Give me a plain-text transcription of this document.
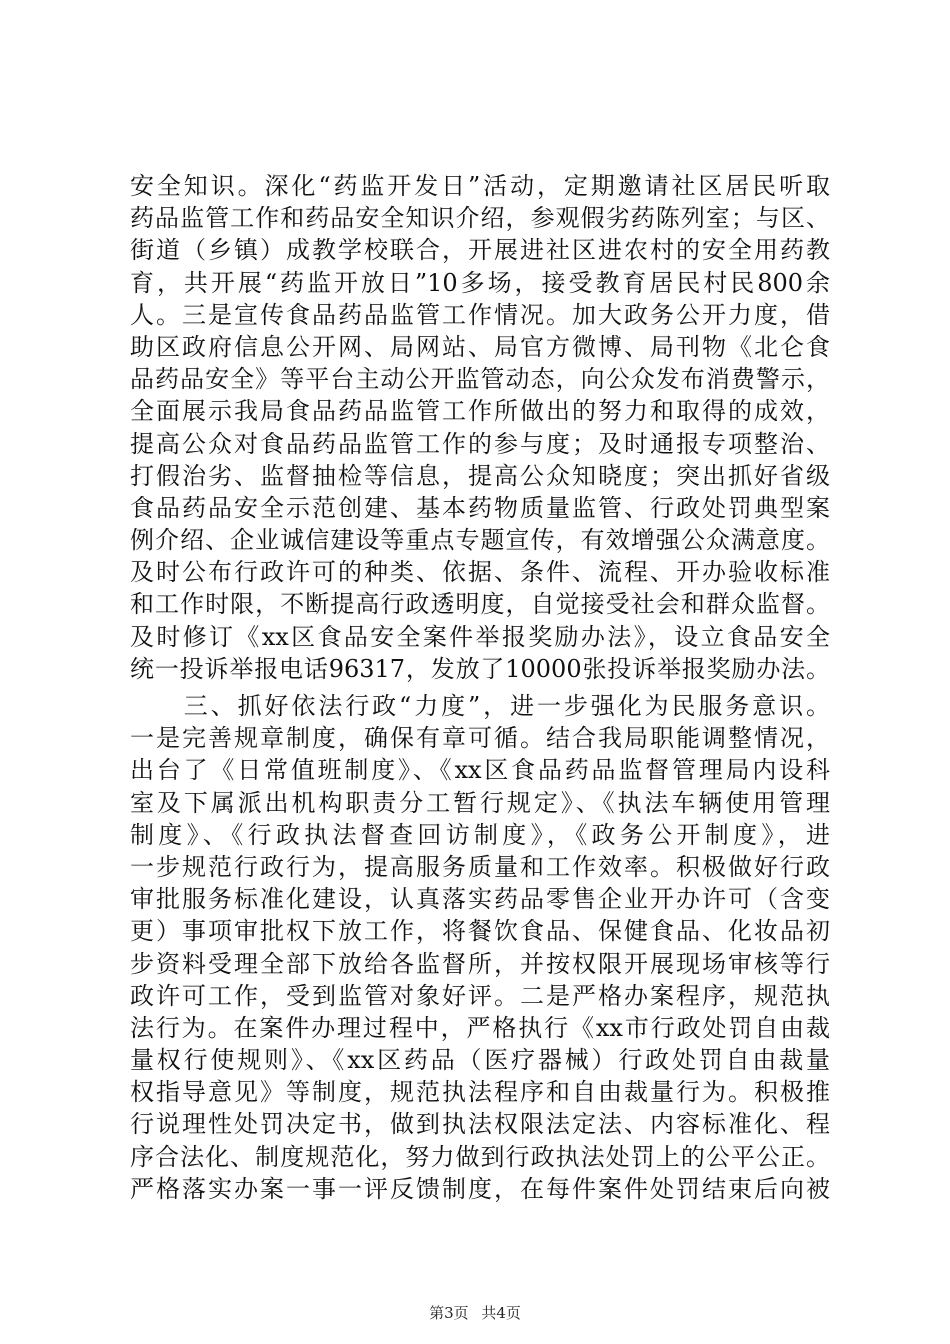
安全知识。深化“药监开发日”活动，定期邀请社区居民听取
药品监管工作和药品安全知识介绍，参观假劣药陈列室；与区、
街道（乡镇）成教学校联合，开展进社区进农村的安全用药教
育，共开展“药监开放日”10多场，接受教育居民村民800余
人。三是宣传食品药品监管工作情况。加大政务公开力度，借
助区政府信息公开网、局网站、局官方微博、局刊物《北仑食
品药品安全》等平台主动公开监管动态，向公众发布消费警示，
全面展示我局食品药品监管工作所做出的努力和取得的成效，
提高公众对食品药品监管工作的参与度；及时通报专项整治、
打假治劣、监督抽检等信息，提高公众知晓度；突出抓好省级
食品药品安全示范创建、基本药物质量监管、行政处罚典型案
例介绍、企业诚信建设等重点专题宣传，有效增强公众满意度。
及时公布行政许可的种类、依据、条件、流程、开办验收标准
和工作时限，不断提高行政透明度，自觉接受社会和群众监督。
及时修订《xx区食品安全案件举报奖励办法》，设立食品安全
统一投诉举报电话96317，发放了10000张投诉举报奖励办法。
　　三、抓好依法行政“力度”，进一步强化为民服务意识。
一是完善规章制度，确保有章可循。结合我局职能调整情况，
出台了《日常值班制度》、《xx区食品药品监督管理局内设科
室及下属派出机构职责分工暂行规定》、《执法车辆使用管理
制度》、《行政执法督查回访制度》，《政务公开制度》，进
一步规范行政行为，提高服务质量和工作效率。积极做好行政
审批服务标准化建设，认真落实药品零售企业开办许可（含变
更）事项审批权下放工作，将餐饮食品、保健食品、化妆品初
步资料受理全部下放给各监督所，并按权限开展现场审核等行
政许可工作，受到监管对象好评。二是严格办案程序，规范执
法行为。在案件办理过程中，严格执行《xx市行政处罚自由裁
量权行使规则》、《xx区药品（医疗器械）行政处罚自由裁量
权指导意见》等制度，规范执法程序和自由裁量行为。积极推
行说理性处罚决定书，做到执法权限法定法、内容标准化、程
序合法化、制度规范化，努力做到行政执法处罚上的公平公正。
严格落实办案一事一评反馈制度，在每件案件处罚结束后向被
第3页 共4页
